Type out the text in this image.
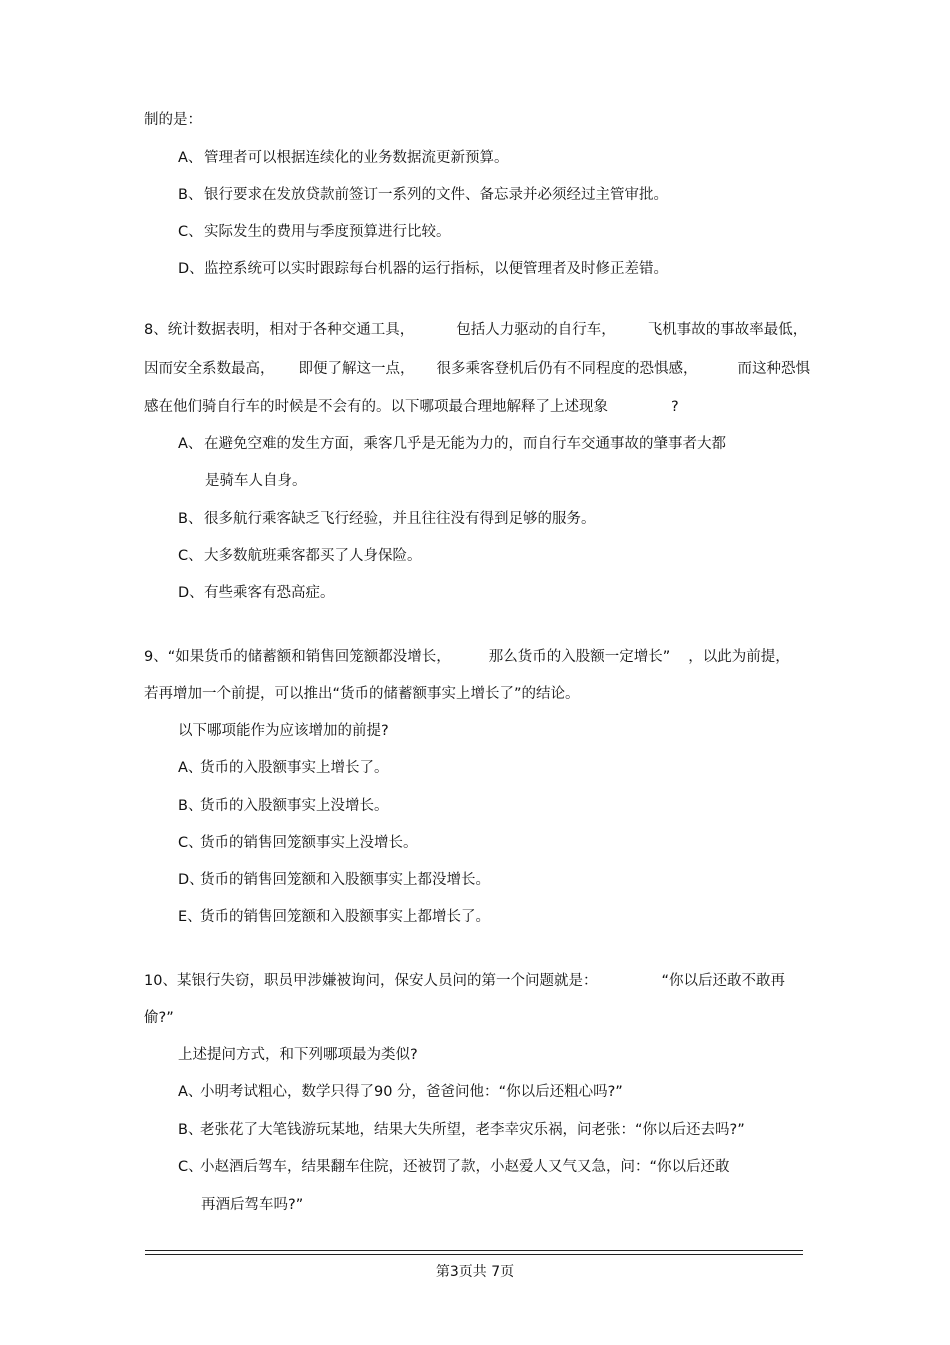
制的是：
A、 管理者可以根据连续化的业务数据流更新预算。
B、 银行要求在发放贷款前签订一系列的文件、备忘录并必须经过主管审批。
C、实际发生的费用与季度预算进行比较。
D、监控系统可以实时跟踪每台机器的运行指标，以便管理者及时修正差错。
8、统计数据表明，相对于各种交通工具，	包括人力驱动的自行车， 飞机事故的事故率最低，
因而安全系数最高， 即便了解这一点， 很多乘客登机后仍有不同程度的恐惧感，	而这种恐惧
感在他们骑自行车的时候是不会有的。以下哪项最合理地解释了上述现象	?
A、 在避免空难的发生方面，乘客几乎是无能为力的，而自行车交通事故的肇事者大都
是骑车人自身。
B、 很多航行乘客缺乏飞行经验，并且往往没有得到足够的服务。
C、大多数航班乘客都买了人身保险。
D、有些乘客有恐高症。
9、“如果货币的储蓄额和销售回笼额都没增长，	那么货币的入股额一定增长” ，以此为前提，
若再增加一个前提，可以推出“货币的储蓄额事实上增长了”的结论。
以下哪项能作为应该增加的前提?
A、货币的入股额事实上增长了。
B、货币的入股额事实上没增长。
C、货币的销售回笼额事实上没增长。
D、货币的销售回笼额和入股额事实上都没增长。
E、货币的销售回笼额和入股额事实上都增长了。
10、某银行失窃，职员甲涉嫌被询问，保安人员问的第一个问题就是：	“你以后还敢不敢再
偷?”
上述提问方式，和下列哪项最为类似?
A、小明考试粗心，数学只得了90 分，爸爸问他：“你以后还粗心吗?”
B、老张花了大笔钱游玩某地，结果大失所望，老李幸灾乐祸，问老张：“你以后还去吗?”
C、小赵酒后驾车，结果翻车住院，还被罚了款，小赵爱人又气又急，问：“你以后还敢
再酒后驾车吗?”
第3页共 7页
